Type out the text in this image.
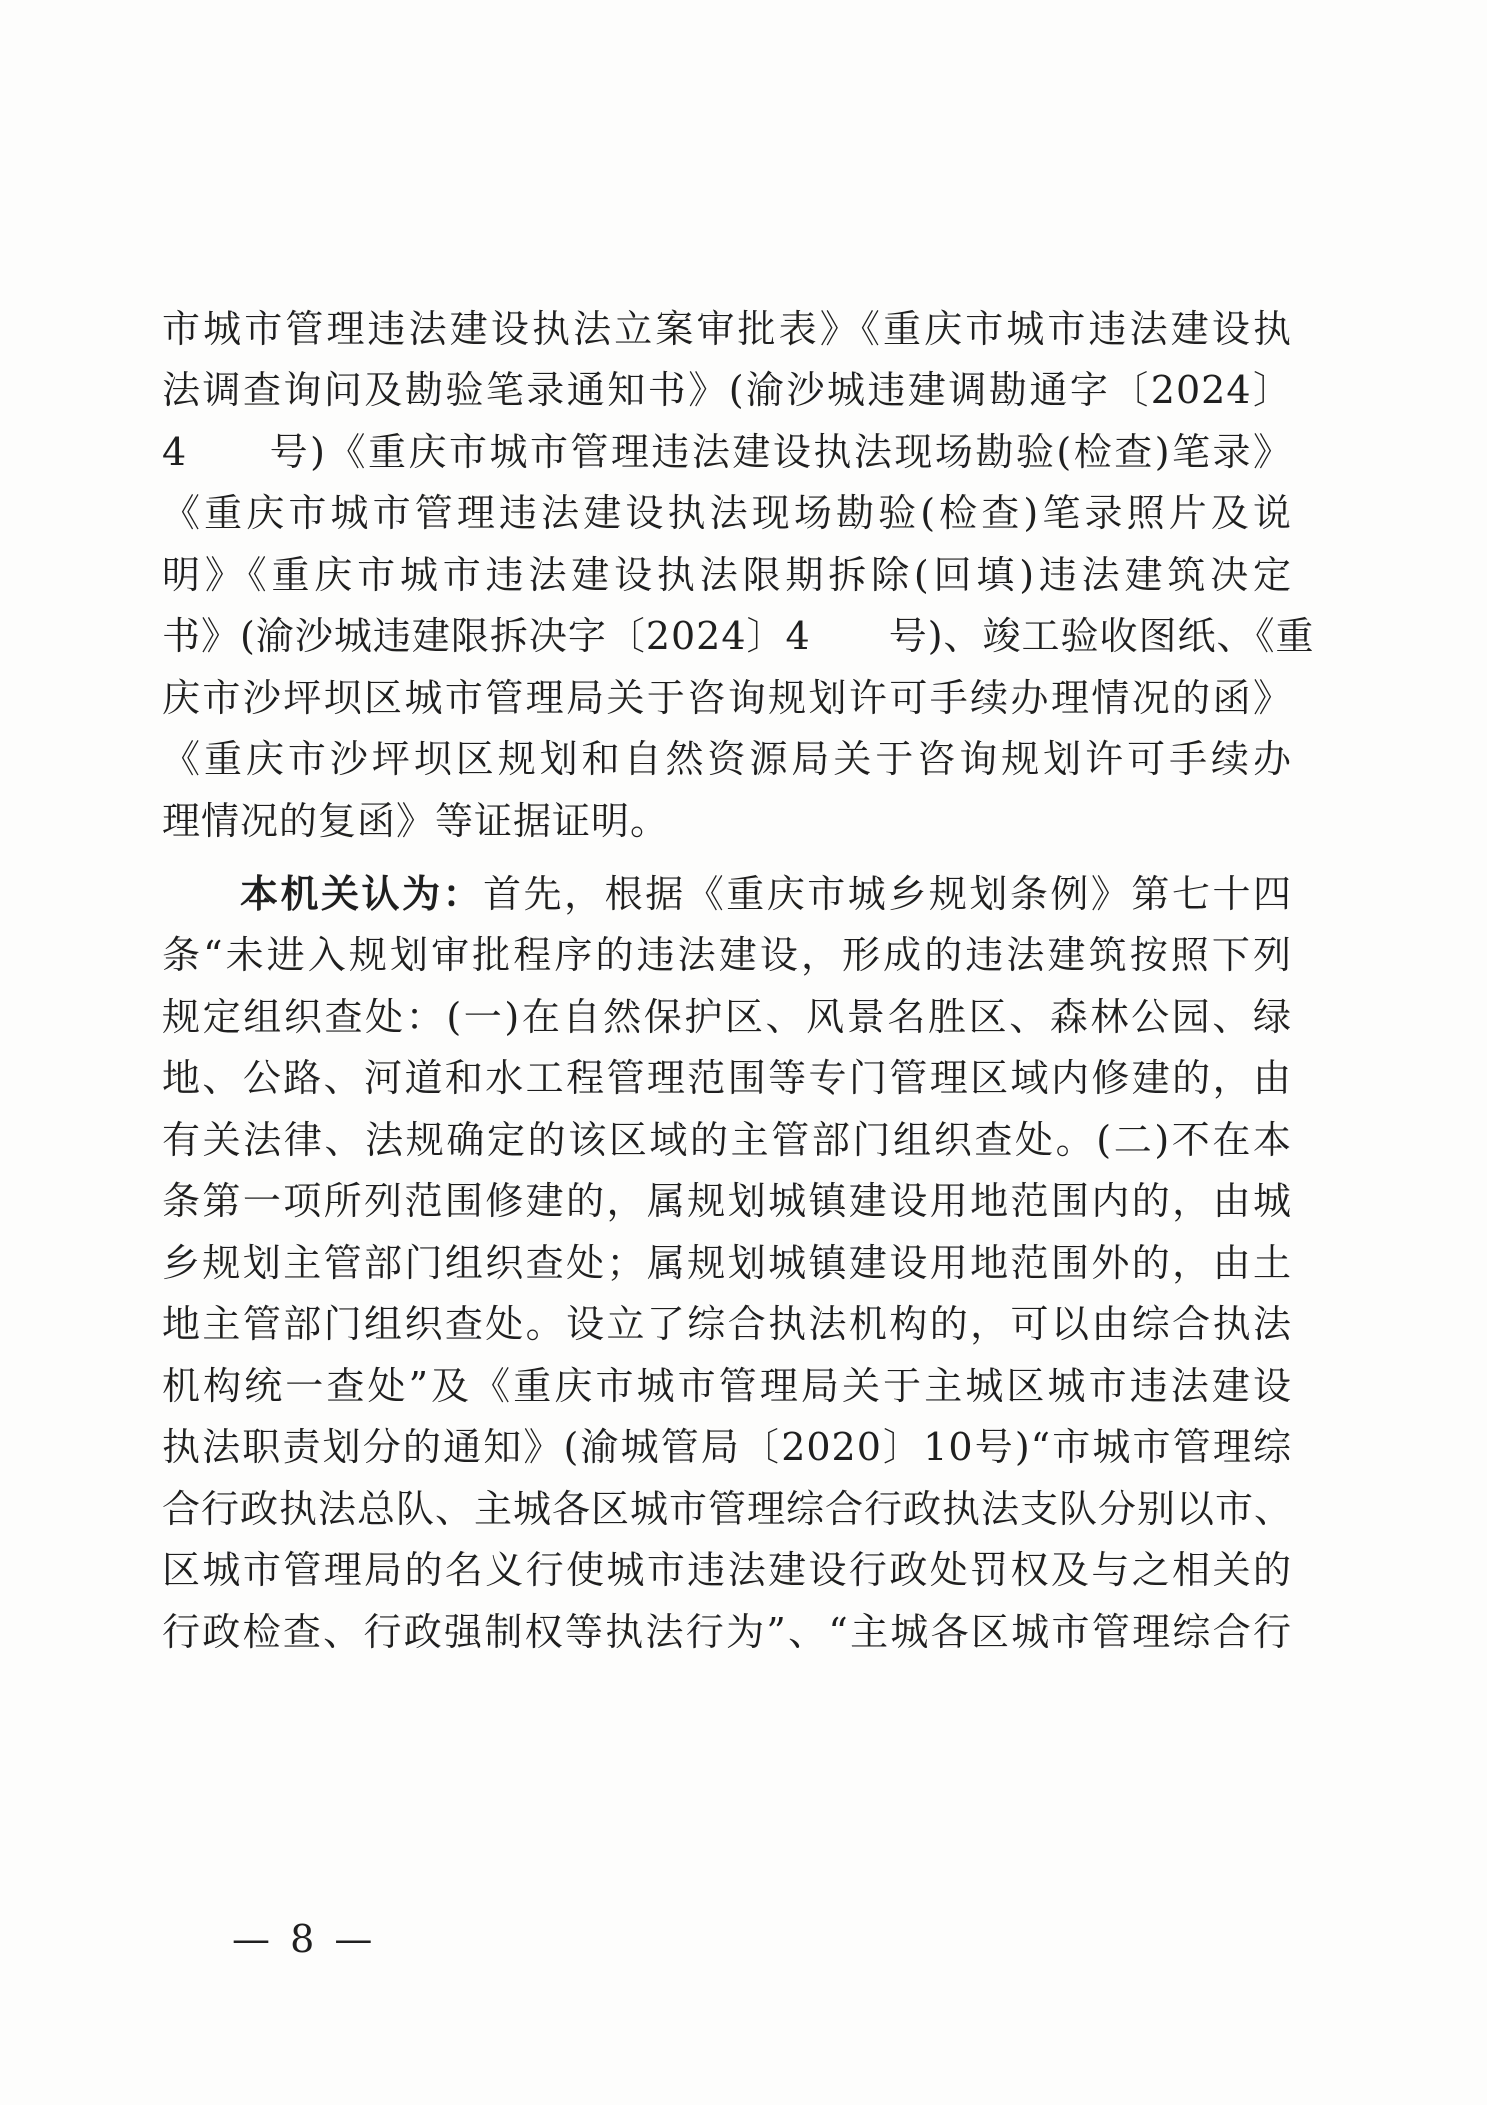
市城市管理违法建设执法立案审批表》《重庆市城市违法建设执
法调查询问及勘验笔录通知书》(渝沙城违建调勘通字〔2024〕
4　　号)《重庆市城市管理违法建设执法现场勘验(检查)笔录》
《重庆市城市管理违法建设执法现场勘验(检查)笔录照片及说
明》《重庆市城市违法建设执法限期拆除(回填)违法建筑决定
书》(渝沙城违建限拆决字〔2024〕4　　号)、竣工验收图纸、《重
庆市沙坪坝区城市管理局关于咨询规划许可手续办理情况的函》
《重庆市沙坪坝区规划和自然资源局关于咨询规划许可手续办
理情况的复函》等证据证明。
本机关认为：首先，根据《重庆市城乡规划条例》第七十四
条“未进入规划审批程序的违法建设，形成的违法建筑按照下列
规定组织查处：(一)在自然保护区、风景名胜区、森林公园、绿
地、公路、河道和水工程管理范围等专门管理区域内修建的，由
有关法律、法规确定的该区域的主管部门组织查处。(二)不在本
条第一项所列范围修建的，属规划城镇建设用地范围内的，由城
乡规划主管部门组织查处；属规划城镇建设用地范围外的，由土
地主管部门组织查处。设立了综合执法机构的，可以由综合执法
机构统一查处”及《重庆市城市管理局关于主城区城市违法建设
执法职责划分的通知》(渝城管局〔2020〕10号)“市城市管理综
合行政执法总队、主城各区城市管理综合行政执法支队分别以市、
区城市管理局的名义行使城市违法建设行政处罚权及与之相关的
行政检查、行政强制权等执法行为”、“主城各区城市管理综合行
— 8 —
